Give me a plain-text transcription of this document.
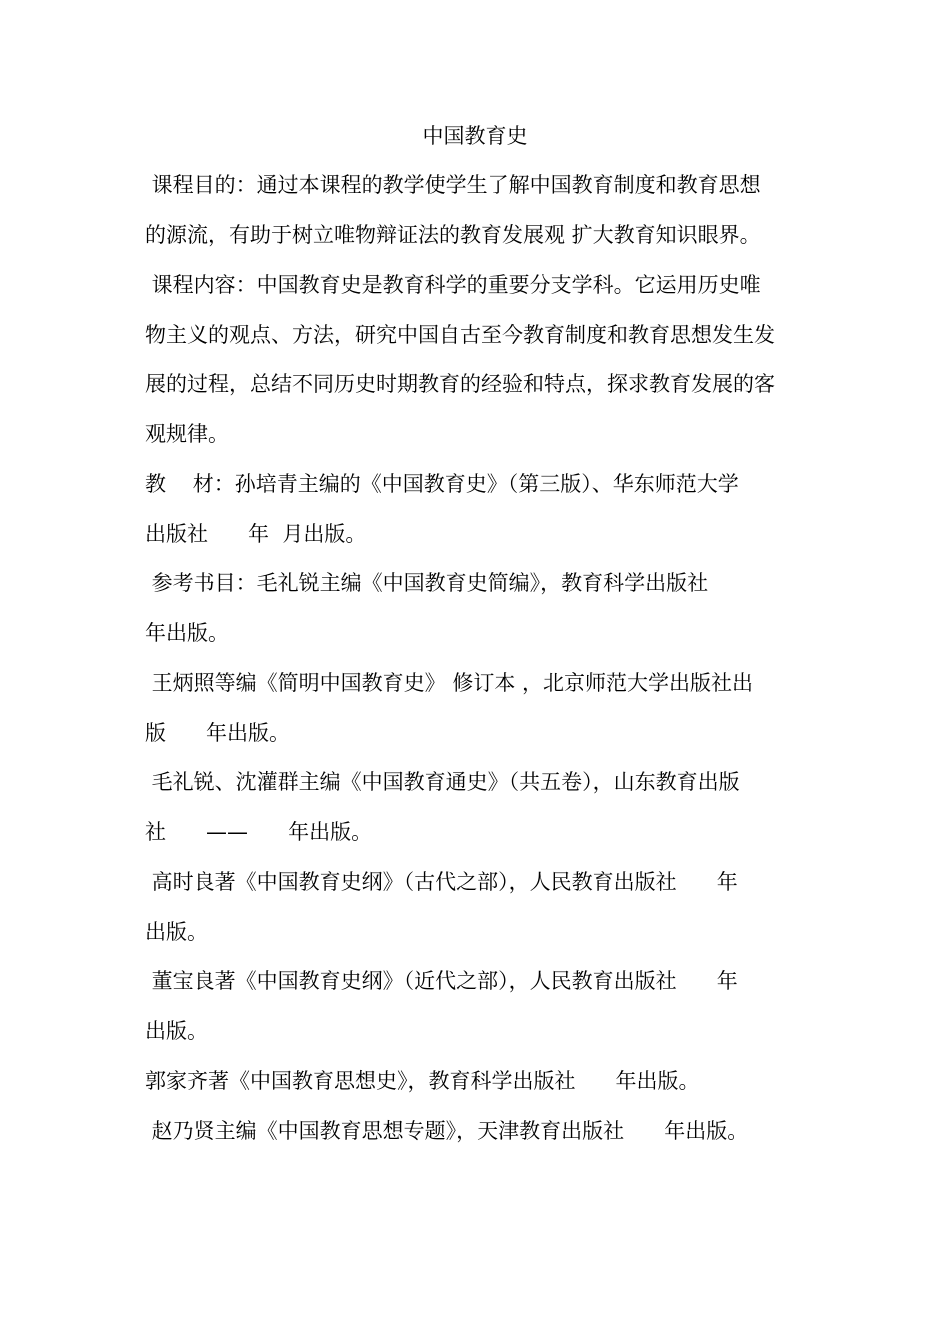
中国教育史
课程目的：通过本课程的教学使学生了解中国教育制度和教育思想
的源流，有助于树立唯物辩证法的教育发展观 扩大教育知识眼界。
课程内容：中国教育史是教育科学的重要分支学科。它运用历史唯
物主义的观点、方法，研究中国自古至今教育制度和教育思想发生发
展的过程，总结不同历史时期教育的经验和特点，探求教育发展的客
观规律。
教    材：孙培青主编的《中国教育史》（第三版）、华东师范大学
出版社      年  月出版。
参考书目：毛礼锐主编《中国教育史简编》，教育科学出版社
年出版。
王炳照等编《简明中国教育史》 修订本 ，北京师范大学出版社出
版      年出版。
毛礼锐、沈灌群主编《中国教育通史》（共五卷），山东教育出版
社      ——      年出版。
高时良著《中国教育史纲》（古代之部），人民教育出版社      年
出版。
董宝良著《中国教育史纲》（近代之部），人民教育出版社      年
出版。
郭家齐著《中国教育思想史》，教育科学出版社      年出版。
赵乃贤主编《中国教育思想专题》，天津教育出版社      年出版。
